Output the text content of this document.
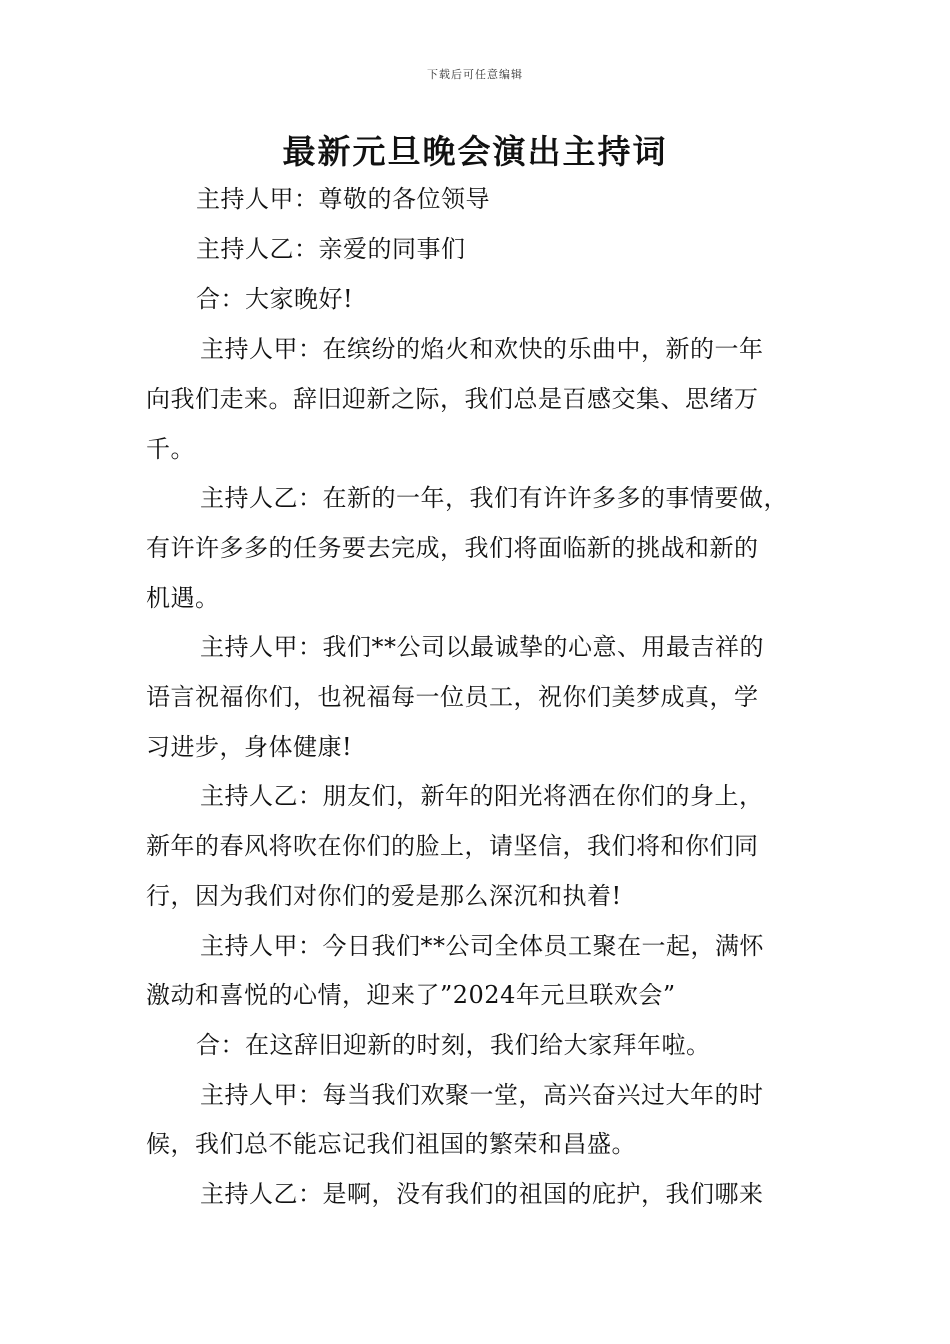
下载后可任意编辑
最新元旦晚会演出主持词
主持人甲：尊敬的各位领导
主持人乙：亲爱的同事们
合：大家晚好!
主持人甲：在缤纷的焰火和欢快的乐曲中，新的一年
向我们走来。辞旧迎新之际，我们总是百感交集、思绪万
千。
主持人乙：在新的一年，我们有许许多多的事情要做，
有许许多多的任务要去完成，我们将面临新的挑战和新的
机遇。
主持人甲：我们**公司以最诚挚的心意、用最吉祥的
语言祝福你们，也祝福每一位员工，祝你们美梦成真，学
习进步，身体健康!
主持人乙：朋友们，新年的阳光将洒在你们的身上，
新年的春风将吹在你们的脸上，请坚信，我们将和你们同
行，因为我们对你们的爱是那么深沉和执着!
主持人甲：今日我们**公司全体员工聚在一起，满怀
激动和喜悦的心情，迎来了”2024年元旦联欢会”
合：在这辞旧迎新的时刻，我们给大家拜年啦。
主持人甲：每当我们欢聚一堂，高兴奋兴过大年的时
候，我们总不能忘记我们祖国的繁荣和昌盛。
主持人乙：是啊，没有我们的祖国的庇护，我们哪来
